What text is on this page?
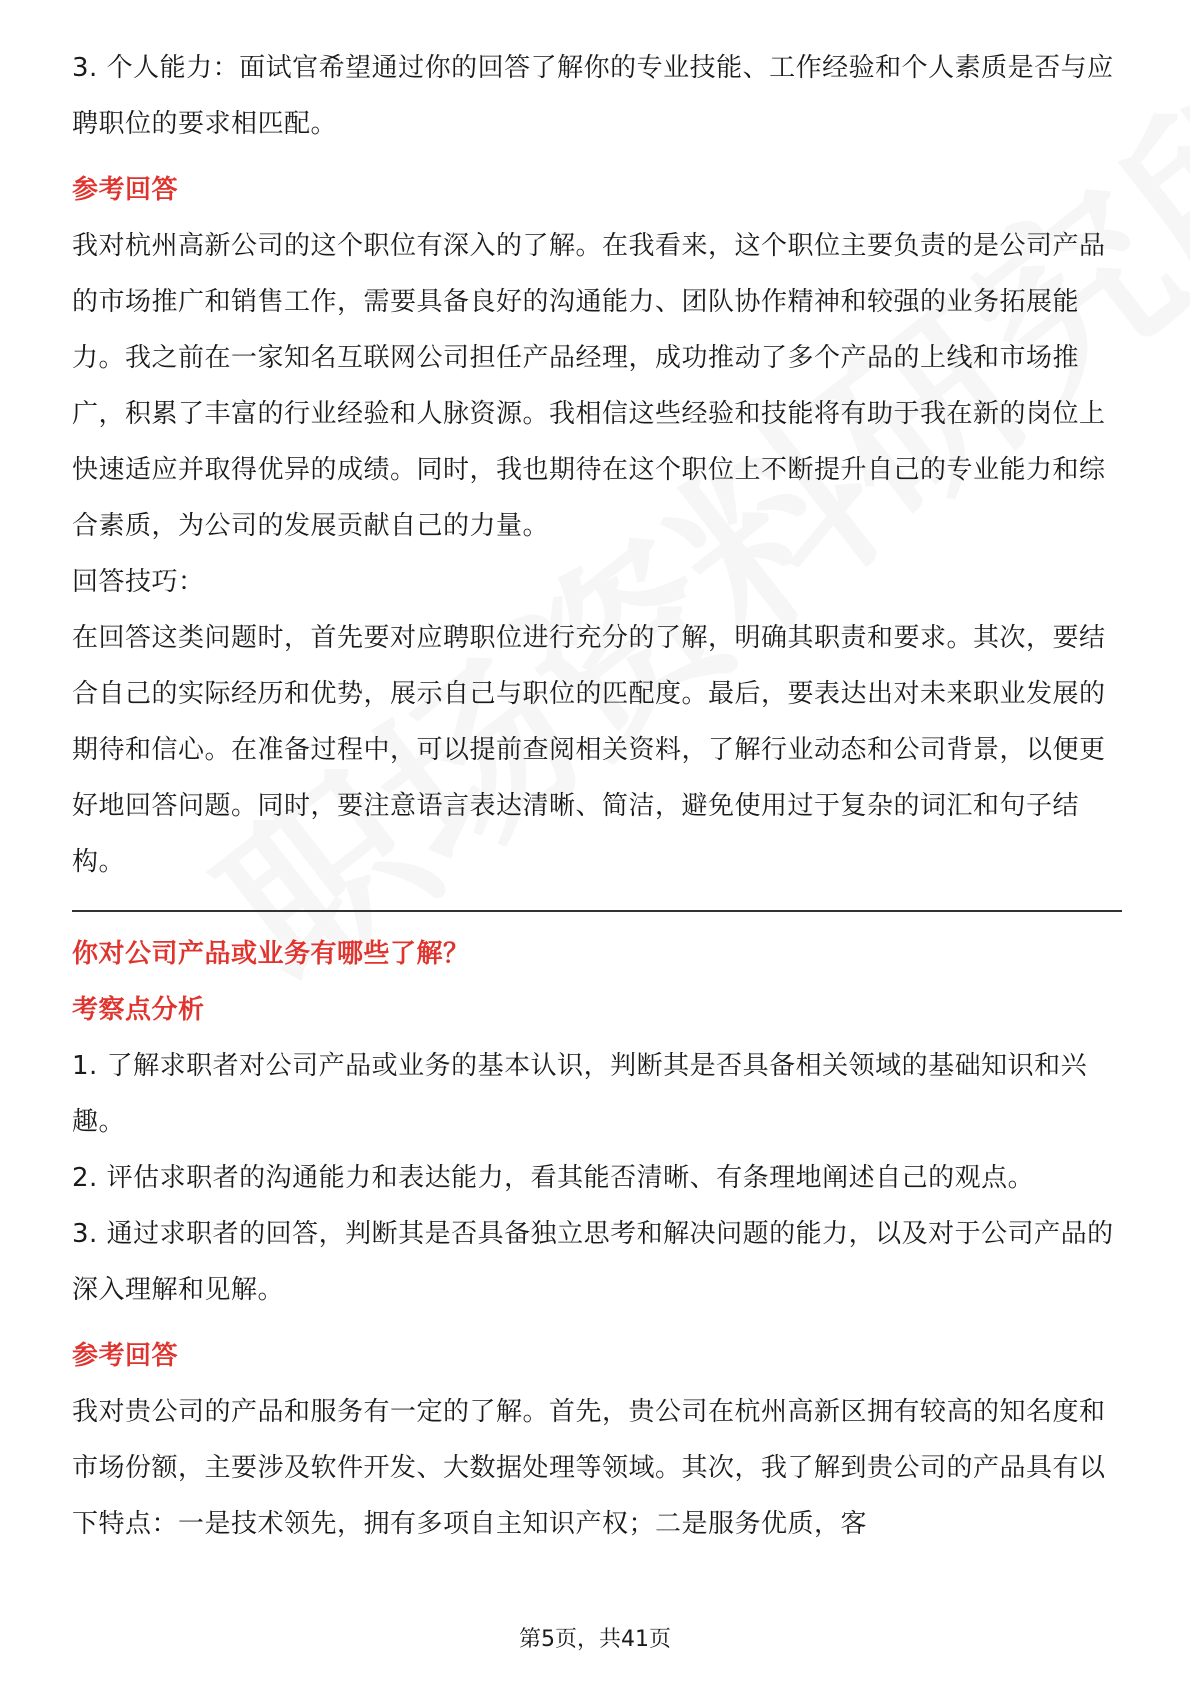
3. 个人能力：面试官希望通过你的回答了解你的专业技能、工作经验和个人素质是否与应聘职位的要求相匹配。

参考回答

我对杭州高新公司的这个职位有深入的了解。在我看来，这个职位主要负责的是公司产品的市场推广和销售工作，需要具备良好的沟通能力、团队协作精神和较强的业务拓展能力。我之前在一家知名互联网公司担任产品经理，成功推动了多个产品的上线和市场推广，积累了丰富的行业经验和人脉资源。我相信这些经验和技能将有助于我在新的岗位上快速适应并取得优异的成绩。同时，我也期待在这个职位上不断提升自己的专业能力和综合素质，为公司的发展贡献自己的力量。

回答技巧：

在回答这类问题时，首先要对应聘职位进行充分的了解，明确其职责和要求。其次，要结合自己的实际经历和优势，展示自己与职位的匹配度。最后，要表达出对未来职业发展的期待和信心。在准备过程中，可以提前查阅相关资料，了解行业动态和公司背景，以便更好地回答问题。同时，要注意语言表达清晰、简洁，避免使用过于复杂的词汇和句子结构。

你对公司产品或业务有哪些了解？

考察点分析

1. 了解求职者对公司产品或业务的基本认识，判断其是否具备相关领域的基础知识和兴趣。

2. 评估求职者的沟通能力和表达能力，看其能否清晰、有条理地阐述自己的观点。

3. 通过求职者的回答，判断其是否具备独立思考和解决问题的能力，以及对于公司产品的深入理解和见解。

参考回答

我对贵公司的产品和服务有一定的了解。首先，贵公司在杭州高新区拥有较高的知名度和市场份额，主要涉及软件开发、大数据处理等领域。其次，我了解到贵公司的产品具有以下特点：一是技术领先，拥有多项自主知识产权；二是服务优质，客

第5页，共41页
